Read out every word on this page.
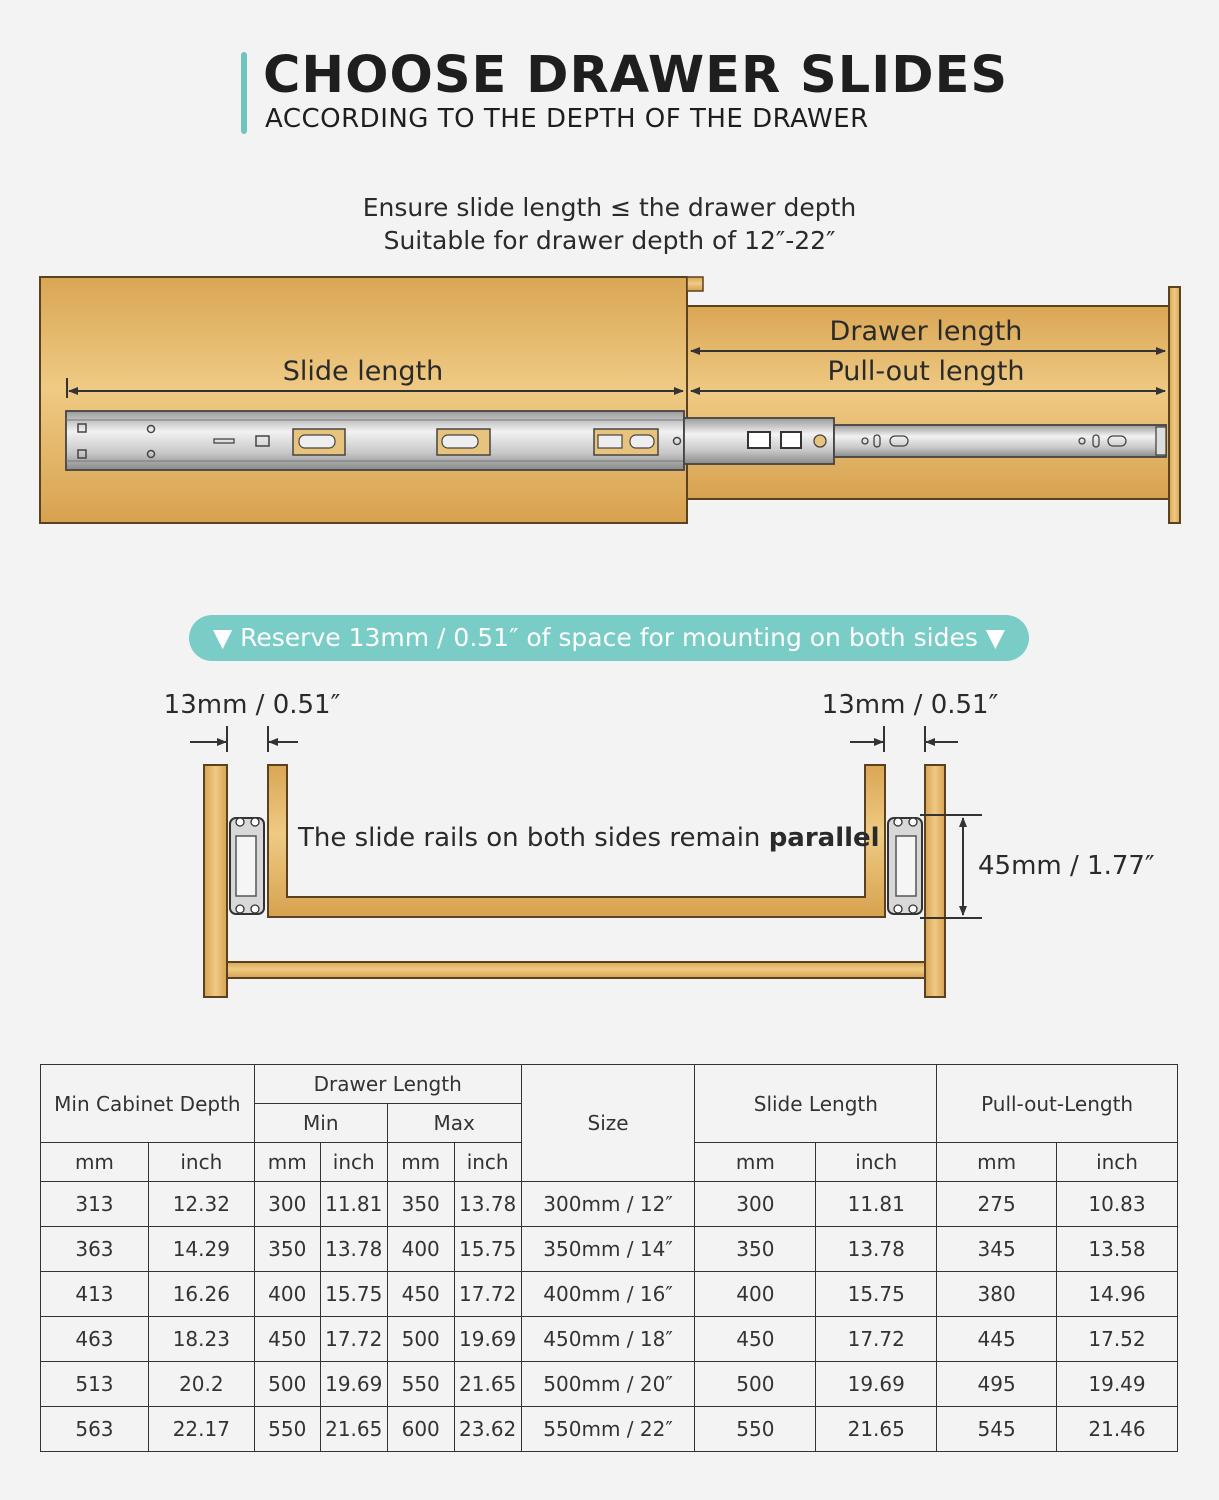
CHOOSE DRAWER SLIDES
ACCORDING TO THE DEPTH OF THE DRAWER
Ensure slide length ≤ the drawer depth
Suitable for drawer depth of 12″-22″
Slide length
Drawer length
Pull-out length
13mm / 0.51″	13mm / 0.51″
45mm / 1.77″
The slide rails on both sides remain parallel
▼ Reserve 13mm / 0.51″ of space for mounting on both sides ▼
Min Cabinet Depth		Drawer Length				Size	Slide Length		Pull-out-Length	
		Min		Max						
mm	inch	mm	inch	mm	inch		mm	inch	mm	inch
313	12.32	300	11.81	350	13.78	300mm / 12″	300	11.81	275	10.83
363	14.29	350	13.78	400	15.75	350mm / 14″	350	13.78	345	13.58
413	16.26	400	15.75	450	17.72	400mm / 16″	400	15.75	380	14.96
463	18.23	450	17.72	500	19.69	450mm / 18″	450	17.72	445	17.52
513	20.2	500	19.69	550	21.65	500mm / 20″	500	19.69	495	19.49
563	22.17	550	21.65	600	23.62	550mm / 22″	550	21.65	545	21.46
